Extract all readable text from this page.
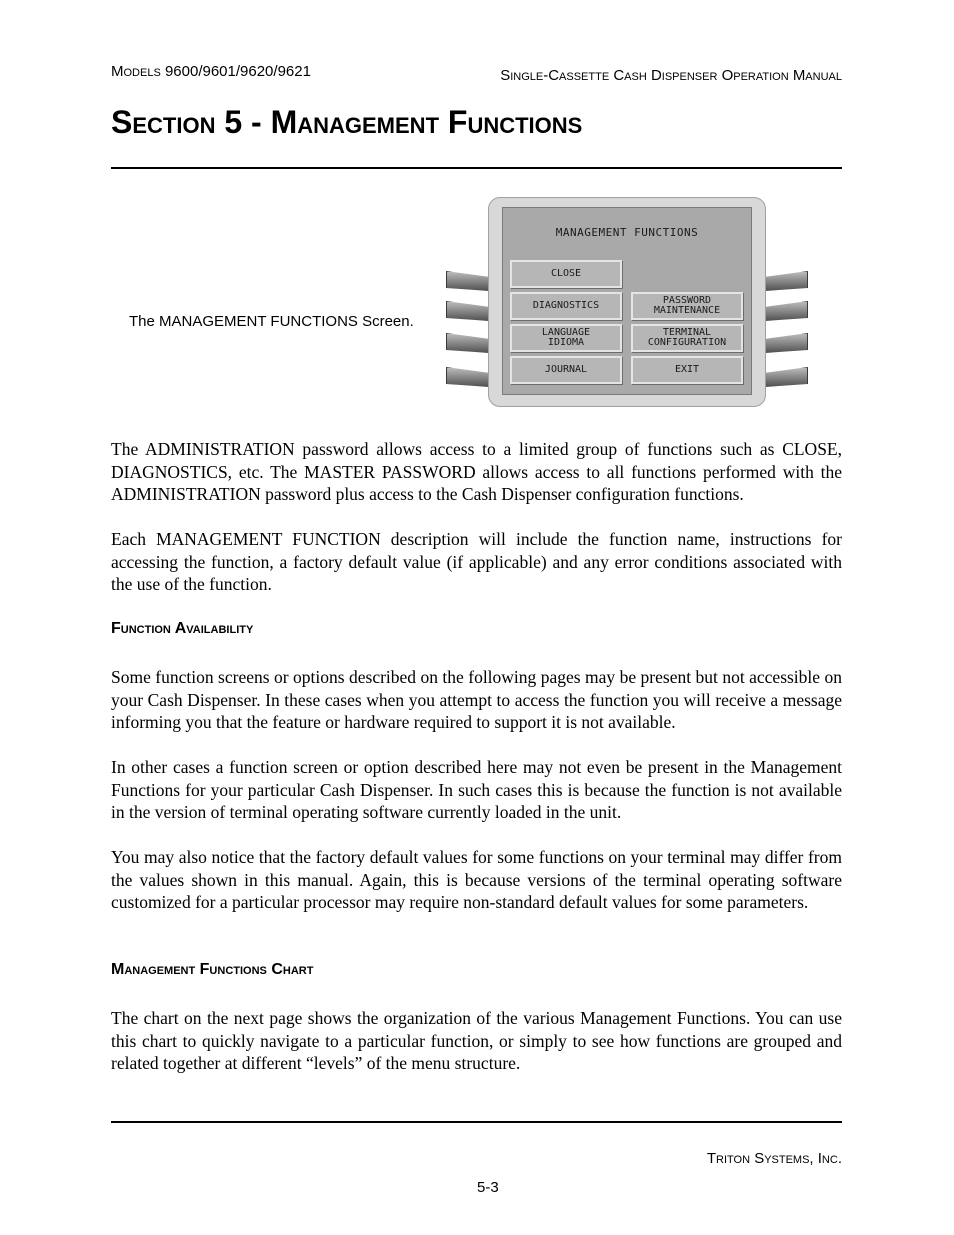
Models 9600/9601/9620/9621	Single-Cassette Cash Dispenser Operation Manual
Section 5 - Management Functions
The MANAGEMENT FUNCTIONS Screen.
MANAGEMENT FUNCTIONS
CLOSE
DIAGNOSTICS	PASSWORD
MAINTENANCE
LANGUAGE
IDIOMA
TERMINAL
CONFIGURATION
JOURNAL	EXIT

The ADMINISTRATION password allows access to a limited group of functions such as CLOSE, DIAGNOSTICS, etc. The MASTER PASSWORD allows access to all functions performed with the ADMINISTRATION password plus access to the Cash Dispenser configuration functions.

Each MANAGEMENT FUNCTION description will include the function name, instructions for accessing the function, a factory default value (if applicable) and any error conditions associated with the use of the function.

Function Availability

Some function screens or options described on the following pages may be present but not accessible on your Cash Dispenser. In these cases when you attempt to access the function you will receive a message informing you that the feature or hardware required to support it is not available.

In other cases a function screen or option described here may not even be present in the Management Functions for your particular Cash Dispenser. In such cases this is because the function is not available in the version of terminal operating software currently loaded in the unit.

You may also notice that the factory default values for some functions on your terminal may differ from the values shown in this manual. Again, this is because versions of the terminal operating software customized for a particular processor may require non-standard default values for some parameters.

Management Functions Chart

The chart on the next page shows the organization of the various Management Functions. You can use this chart to quickly navigate to a particular function, or simply to see how functions are grouped and related together at different “levels” of the menu structure.

Triton Systems, Inc.
5-3
